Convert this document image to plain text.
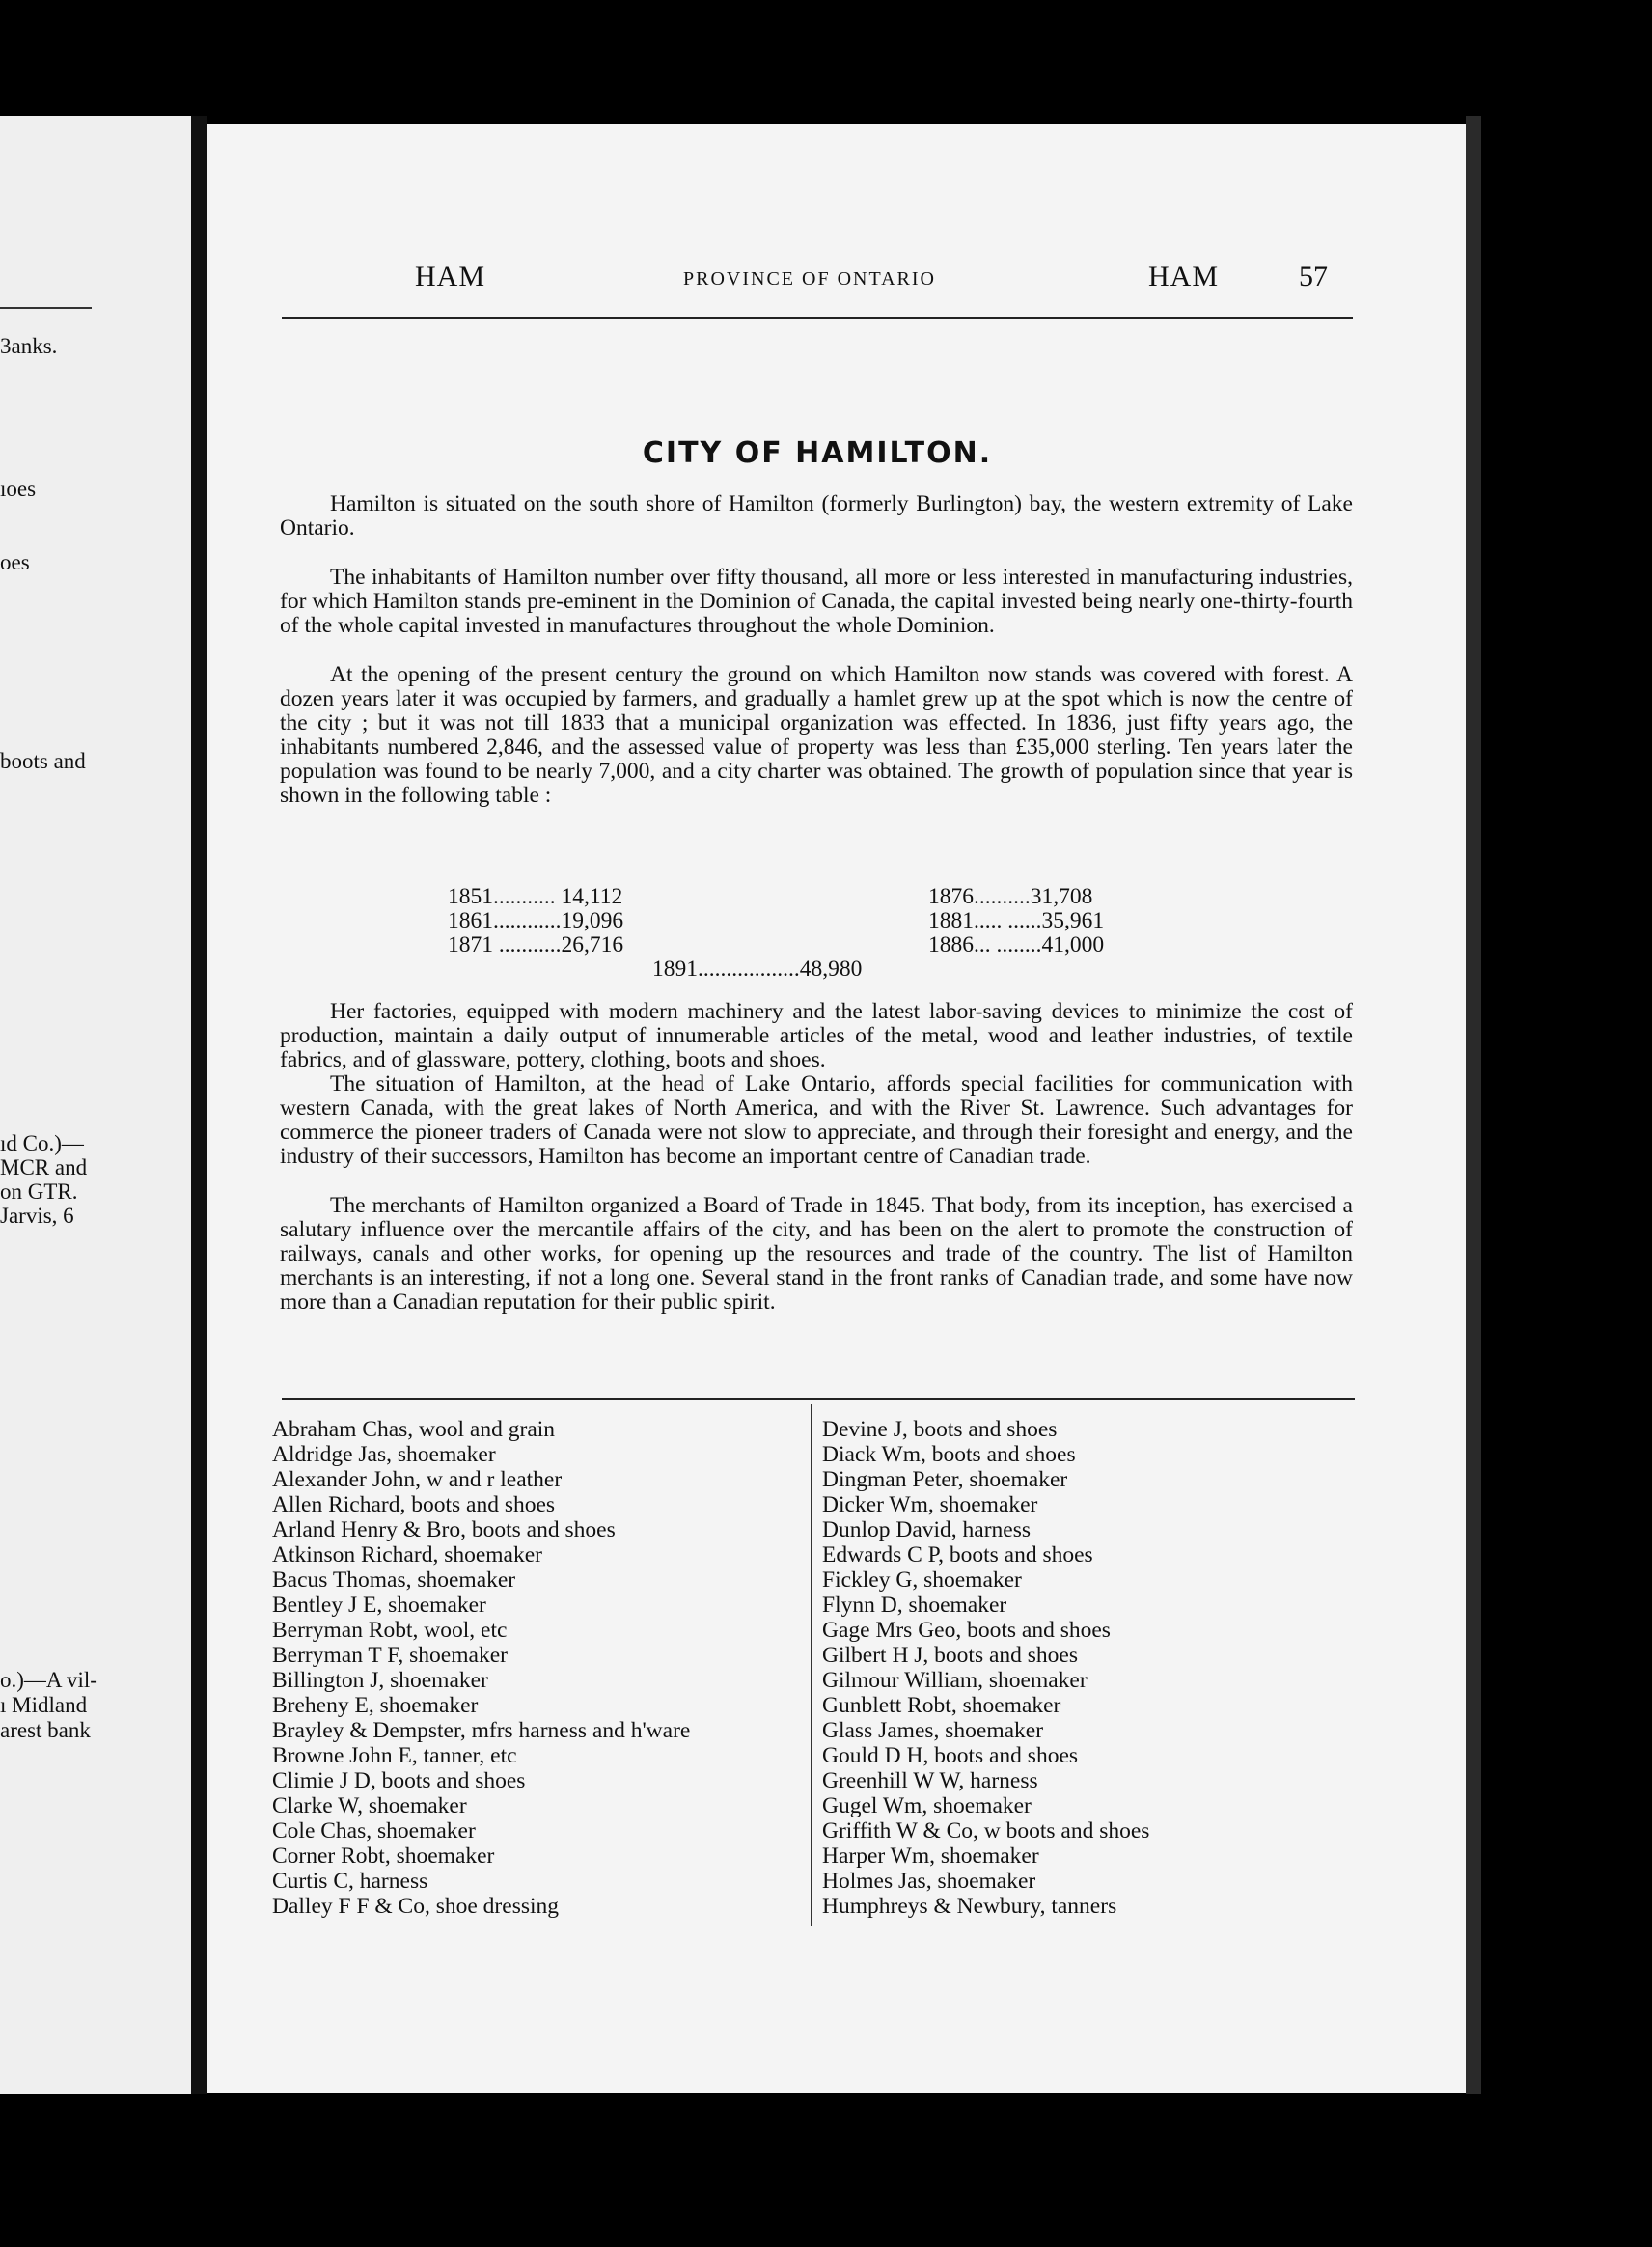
3anks.
ıoes
oes
boots and
ıd Co.)—
MCR and
on GTR.
Jarvis, 6
o.)—A vil-
ı Midland
arest bank
HAM	PROVINCE OF ONTARIO	HAM	57
CITY OF HAMILTON.

Hamilton is situated on the south shore of Hamilton (formerly Burlington) bay, the western extremity of Lake Ontario.

The inhabitants of Hamilton number over fifty thousand, all more or less interested in manufacturing industries, for which Hamilton stands pre-eminent in the Dominion of Canada, the capital invested being nearly one-thirty-fourth of the whole capital invested in manufactures throughout the whole Dominion.

At the opening of the present century the ground on which Hamilton now stands was covered with forest. A dozen years later it was occupied by farmers, and gradually a hamlet grew up at the spot which is now the centre of the city ; but it was not till 1833 that a municipal organization was effected. In 1836, just fifty years ago, the inhabitants numbered 2,846, and the assessed value of property was less than £35,000 sterling. Ten years later the population was found to be nearly 7,000, and a city charter was obtained. The growth of population since that year is shown in the following table :

1851........... 14,112
1861............19,096
1871 ...........26,716
1876..........31,708
1881..... ......35,961
1886... ........41,000
1891..................48,980

Her factories, equipped with modern machinery and the latest labor-saving devices to minimize the cost of production, maintain a daily output of innumerable articles of the metal, wood and leather industries, of textile fabrics, and of glassware, pottery, clothing, boots and shoes.

The situation of Hamilton, at the head of Lake Ontario, affords special facilities for communication with western Canada, with the great lakes of North America, and with the River St. Lawrence. Such advantages for commerce the pioneer traders of Canada were not slow to appreciate, and through their foresight and energy, and the industry of their successors, Hamilton has become an important centre of Canadian trade.

The merchants of Hamilton organized a Board of Trade in 1845. That body, from its inception, has exercised a salutary influence over the mercantile affairs of the city, and has been on the alert to promote the construction of railways, canals and other works, for opening up the resources and trade of the country. The list of Hamilton merchants is an interesting, if not a long one. Several stand in the front ranks of Canadian trade, and some have now more than a Canadian reputation for their public spirit.

Abraham Chas, wool and grain
Aldridge Jas, shoemaker
Alexander John, w and r leather
Allen Richard, boots and shoes
Arland Henry & Bro, boots and shoes
Atkinson Richard, shoemaker
Bacus Thomas, shoemaker
Bentley J E, shoemaker
Berryman Robt, wool, etc
Berryman T F, shoemaker
Billington J, shoemaker
Breheny E, shoemaker
Brayley & Dempster, mfrs harness and h'ware
Browne John E, tanner, etc
Climie J D, boots and shoes
Clarke W, shoemaker
Cole Chas, shoemaker
Corner Robt, shoemaker
Curtis C, harness
Dalley F F & Co, shoe dressing
Devine J, boots and shoes
Diack Wm, boots and shoes
Dingman Peter, shoemaker
Dicker Wm, shoemaker
Dunlop David, harness
Edwards C P, boots and shoes
Fickley G, shoemaker
Flynn D, shoemaker
Gage Mrs Geo, boots and shoes
Gilbert H J, boots and shoes
Gilmour William, shoemaker
Gunblett Robt, shoemaker
Glass James, shoemaker
Gould D H, boots and shoes
Greenhill W W, harness
Gugel Wm, shoemaker
Griffith W & Co, w boots and shoes
Harper Wm, shoemaker
Holmes Jas, shoemaker
Humphreys & Newbury, tanners
